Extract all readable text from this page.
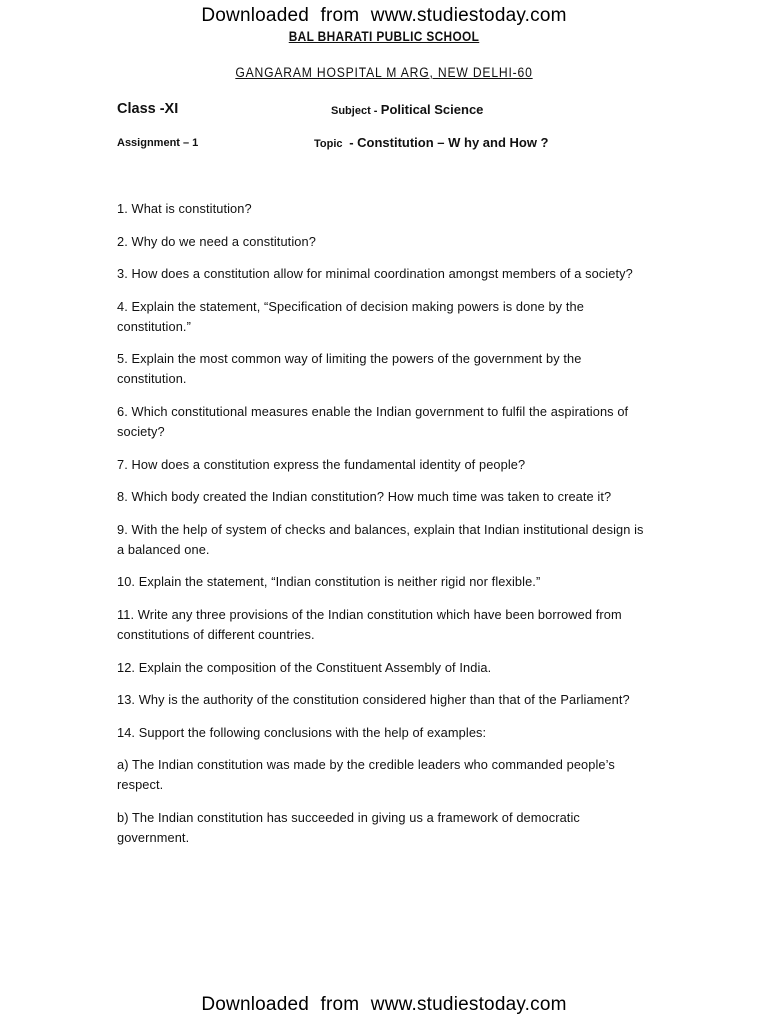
Downloaded from www.studiestoday.com
BAL BHARATI PUBLIC SCHOOL
GANGARAM HOSPITAL M ARG, NEW DELHI-60
Class -XI	Subject - Political Science
Assignment – 1	Topic - Constitution – W hy and How ?
1. What is constitution?
2. Why do we need a constitution?
3. How does a constitution allow for minimal coordination amongst members of a society?
4. Explain the statement, “Specification of decision making powers is done by the
constitution.”
5. Explain the most common way of limiting the powers of the government by the
constitution.
6. Which constitutional measures enable the Indian government to fulfil the aspirations of
society?
7. How does a constitution express the fundamental identity of people?
8. Which body created the Indian constitution? How much time was taken to create it?
9. With the help of system of checks and balances, explain that Indian institutional design is
a balanced one.
10. Explain the statement, “Indian constitution is neither rigid nor flexible.”
11. Write any three provisions of the Indian constitution which have been borrowed from
constitutions of different countries.
12. Explain the composition of the Constituent Assembly of India.
13. Why is the authority of the constitution considered higher than that of the Parliament?
14. Support the following conclusions with the help of examples:
a) The Indian constitution was made by the credible leaders who commanded people’s
respect.
b) The Indian constitution has succeeded in giving us a framework of democratic
government.
Downloaded from www.studiestoday.com
